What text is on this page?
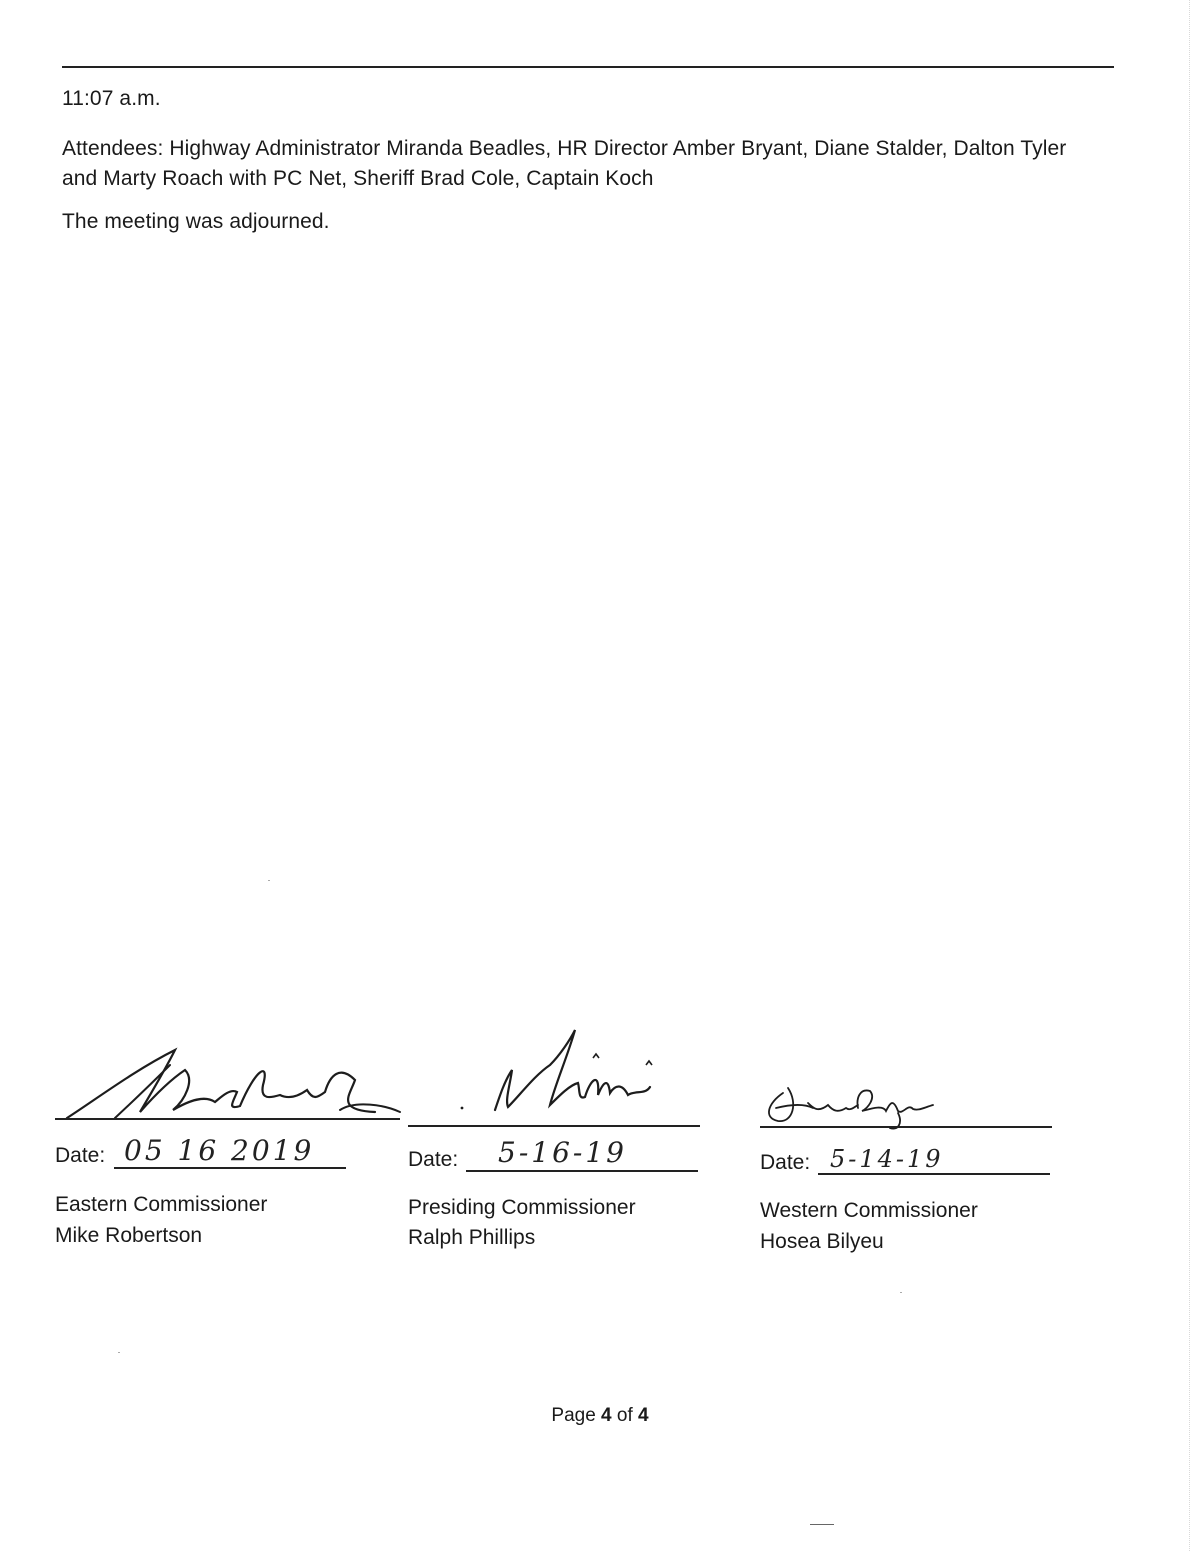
11:07 a.m.
Attendees: Highway Administrator Miranda Beadles, HR Director Amber Bryant, Diane Stalder, Dalton Tyler and Marty Roach with PC Net, Sheriff Brad Cole, Captain Koch
The meeting was adjourned.
Date: 05 16 2019
Eastern Commissioner
Mike Robertson
Date: 5-16-19
Presiding Commissioner
Ralph Phillips
Date: 5-14-19
Western Commissioner
Hosea Bilyeu
Page 4 of 4
